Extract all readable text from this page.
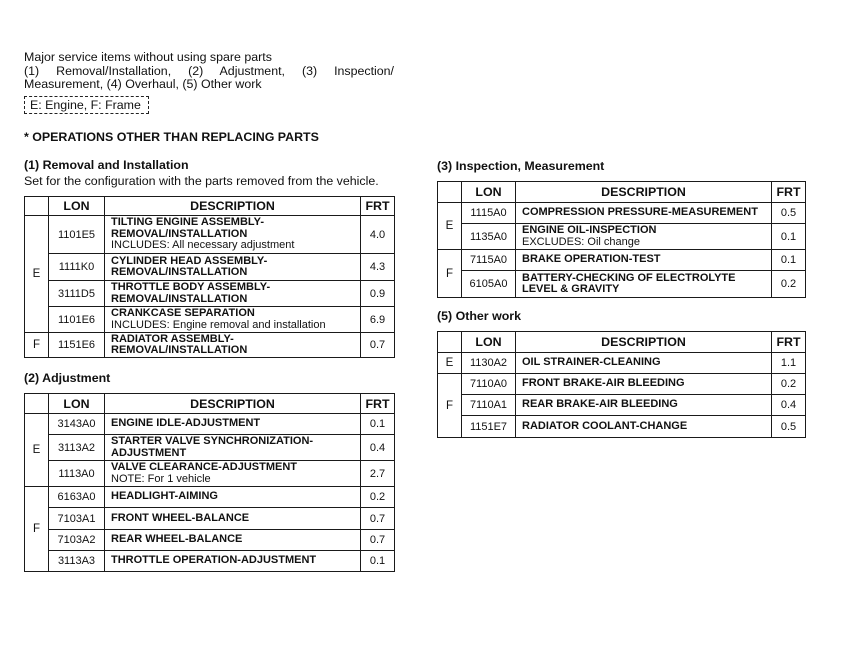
Major service items without using spare parts
(1) Removal/Installation, (2) Adjustment, (3) Inspection/
Measurement, (4) Overhaul, (5) Other work
E: Engine, F: Frame
* OPERATIONS OTHER THAN REPLACING PARTS
(1) Removal and Installation
Set for the configuration with the parts removed from the vehicle.
	LON	DESCRIPTION	FRT
E	1101E5	TILTING ENGINE ASSEMBLY-
REMOVAL/INSTALLATION
INCLUDES: All necessary adjustment	4.0
	1111K0	CYLINDER HEAD ASSEMBLY-
REMOVAL/INSTALLATION	4.3
	3111D5	THROTTLE BODY ASSEMBLY-
REMOVAL/INSTALLATION	0.9
	1101E6	CRANKCASE SEPARATION
INCLUDES: Engine removal and installation	6.9
F	1151E6	RADIATOR ASSEMBLY-
REMOVAL/INSTALLATION	0.7
(2) Adjustment
	LON	DESCRIPTION	FRT
E	3143A0	ENGINE IDLE-ADJUSTMENT	0.1
	3113A2	STARTER VALVE SYNCHRONIZATION-
ADJUSTMENT	0.4
	1113A0	VALVE CLEARANCE-ADJUSTMENT
NOTE: For 1 vehicle	2.7
F	6163A0	HEADLIGHT-AIMING	0.2
	7103A1	FRONT WHEEL-BALANCE	0.7
	7103A2	REAR WHEEL-BALANCE	0.7
	3113A3	THROTTLE OPERATION-ADJUSTMENT	0.1
(3) Inspection, Measurement
	LON	DESCRIPTION	FRT
E	1115A0	COMPRESSION PRESSURE-MEASUREMENT	0.5
	1135A0	ENGINE OIL-INSPECTION
EXCLUDES: Oil change	0.1
F	7115A0	BRAKE OPERATION-TEST	0.1
	6105A0	BATTERY-CHECKING OF ELECTROLYTE
LEVEL & GRAVITY	0.2
(5) Other work
	LON	DESCRIPTION	FRT
E	1130A2	OIL STRAINER-CLEANING	1.1
F	7110A0	FRONT BRAKE-AIR BLEEDING	0.2
	7110A1	REAR BRAKE-AIR BLEEDING	0.4
	1151E7	RADIATOR COOLANT-CHANGE	0.5
